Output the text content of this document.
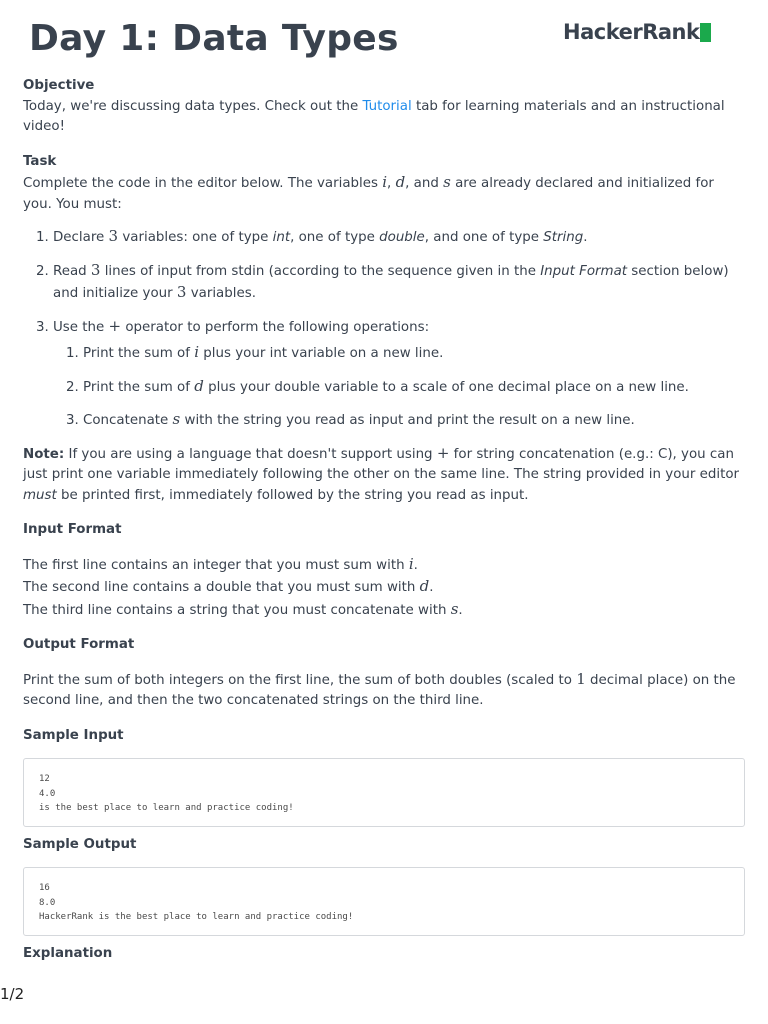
Day 1: Data Types	HackerRank

Objective

Today, we're discussing data types. Check out the Tutorial tab for learning materials and an instructional video!

Task

Complete the code in the editor below. The variables i, d, and s are already declared and initialized for you. You must:

1. Declare 3 variables: one of type int, one of type double, and one of type String.
2. Read 3 lines of input from stdin (according to the sequence given in the Input Format section below) and initialize your 3 variables.
3. Use the + operator to perform the following operations:
1. Print the sum of i plus your int variable on a new line.
2. Print the sum of d plus your double variable to a scale of one decimal place on a new line.
3. Concatenate s with the string you read as input and print the result on a new line.

Note: If you are using a language that doesn't support using + for string concatenation (e.g.: C), you can just print one variable immediately following the other on the same line. The string provided in your editor must be printed first, immediately followed by the string you read as input.

Input Format

The first line contains an integer that you must sum with i.

The second line contains a double that you must sum with d.

The third line contains a string that you must concatenate with s.

Output Format

Print the sum of both integers on the first line, the sum of both doubles (scaled to 1 decimal place) on the second line, and then the two concatenated strings on the third line.

Sample Input

12
4.0
is the best place to learn and practice coding!

Sample Output

16
8.0
HackerRank is the best place to learn and practice coding!

Explanation

1/2
